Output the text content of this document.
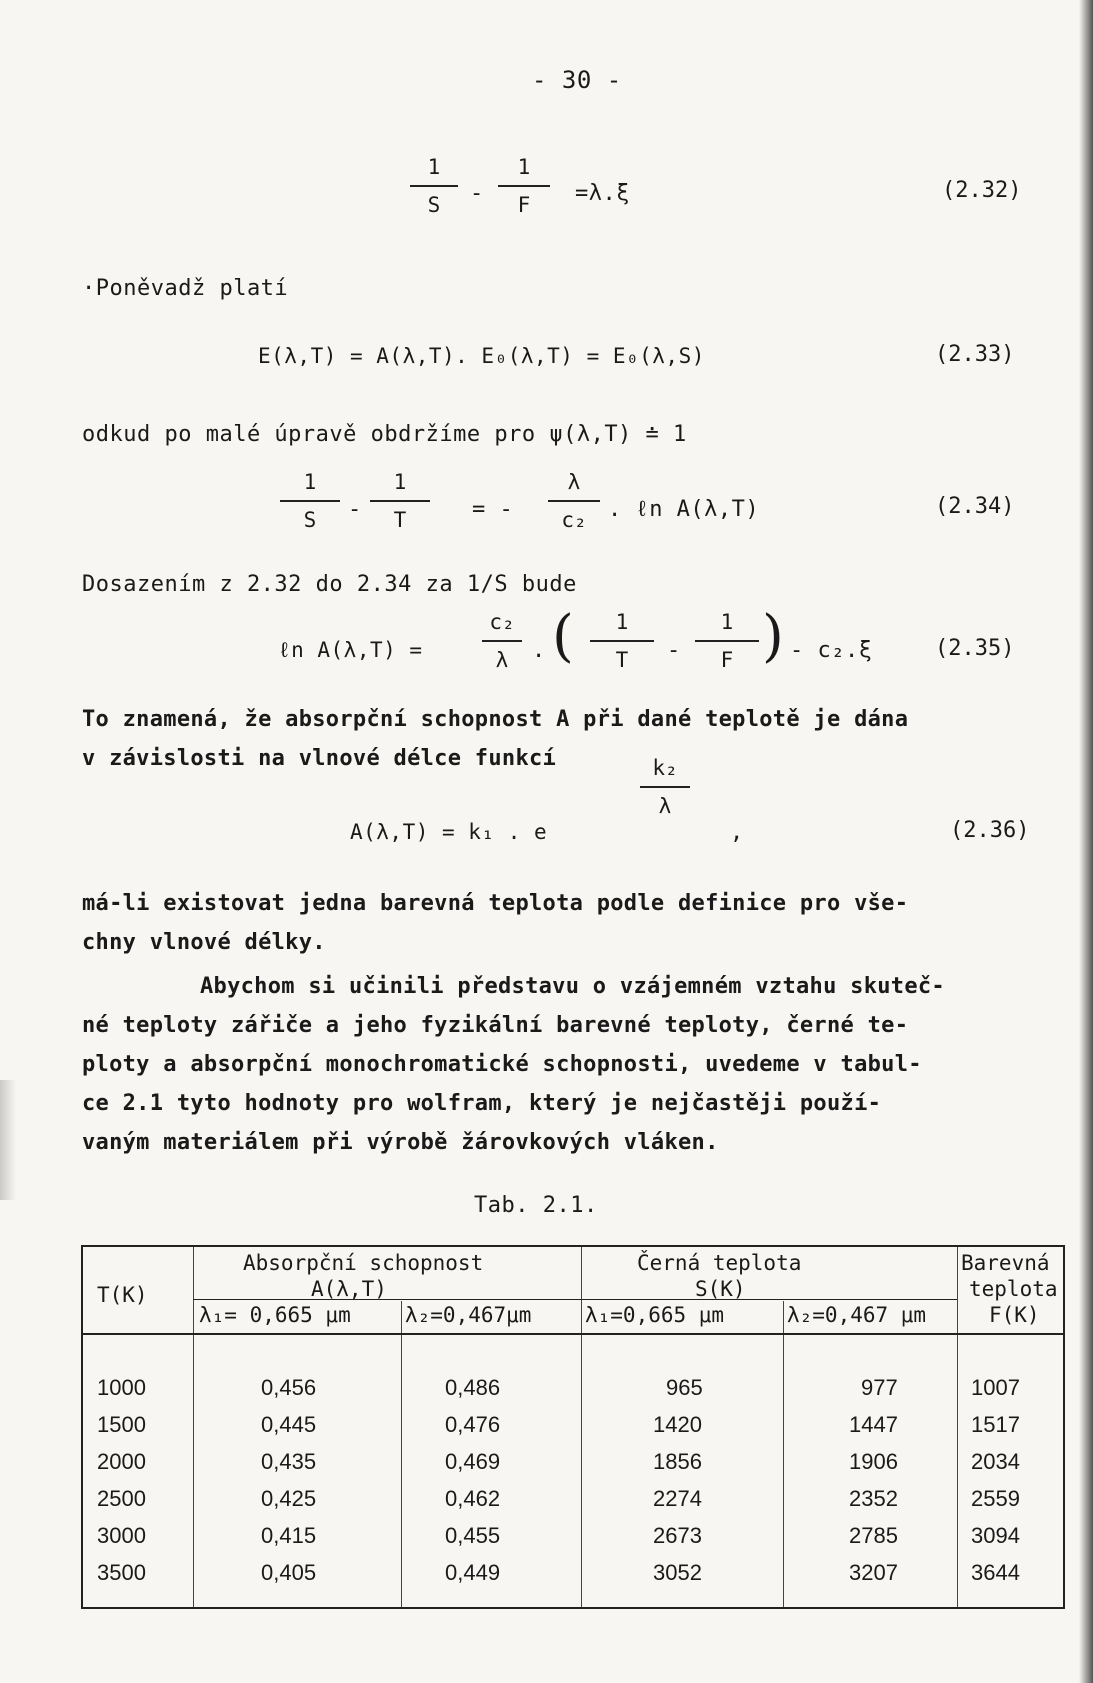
- 30 -
1
S	-
1
F	=λ.ξ	(2.32)
·Poněvadž platí
E(λ,T) = A(λ,T). E₀(λ,T) = E₀(λ,S)	(2.33)
odkud po malé úpravě obdržíme pro ψ(λ,T) ≐ 1
1
S	-
1
T	= -
λ
c₂ . ℓn A(λ,T)	(2.34)
Dosazením z 2.32 do 2.34 za 1/S bude
ℓn A(λ,T) =
c₂
λ	. (	1
T	-
1
F ) - c₂.ξ	(2.35)
To znamená, že absorpční schopnost A při dané teplotě je dána
v závislosti na vlnové délce funkcí
A(λ,T) = k₁ . e
k₂
λ
,	(2.36)
má-li existovat jedna barevná teplota podle definice pro vše-
chny vlnové délky.
Abychom si učinili představu o vzájemném vztahu skuteč-
né teploty zářiče a jeho fyzikální barevné teploty, černé te-
ploty a absorpční monochromatické schopnosti, uvedeme v tabul-
ce 2.1 tyto hodnoty pro wolfram, který je nejčastěji použí-
vaným materiálem při výrobě žárovkových vláken.
Tab. 2.1.
T(K)
Absorpční schopnost
A(λ,T)
λ₁= 0,665 μm	λ₂=0,467μm
Černá teplota
S(K)
λ₁=0,665 μm	λ₂=0,467 μm
Barevná
teplota
F(K)
1000	0,456	0,486	965	977	1007
1500	0,445	0,476	1420	1447	1517
2000	0,435	0,469	1856	1906	2034
2500	0,425	0,462	2274	2352	2559
3000	0,415	0,455	2673	2785	3094
3500	0,405	0,449	3052	3207	3644
